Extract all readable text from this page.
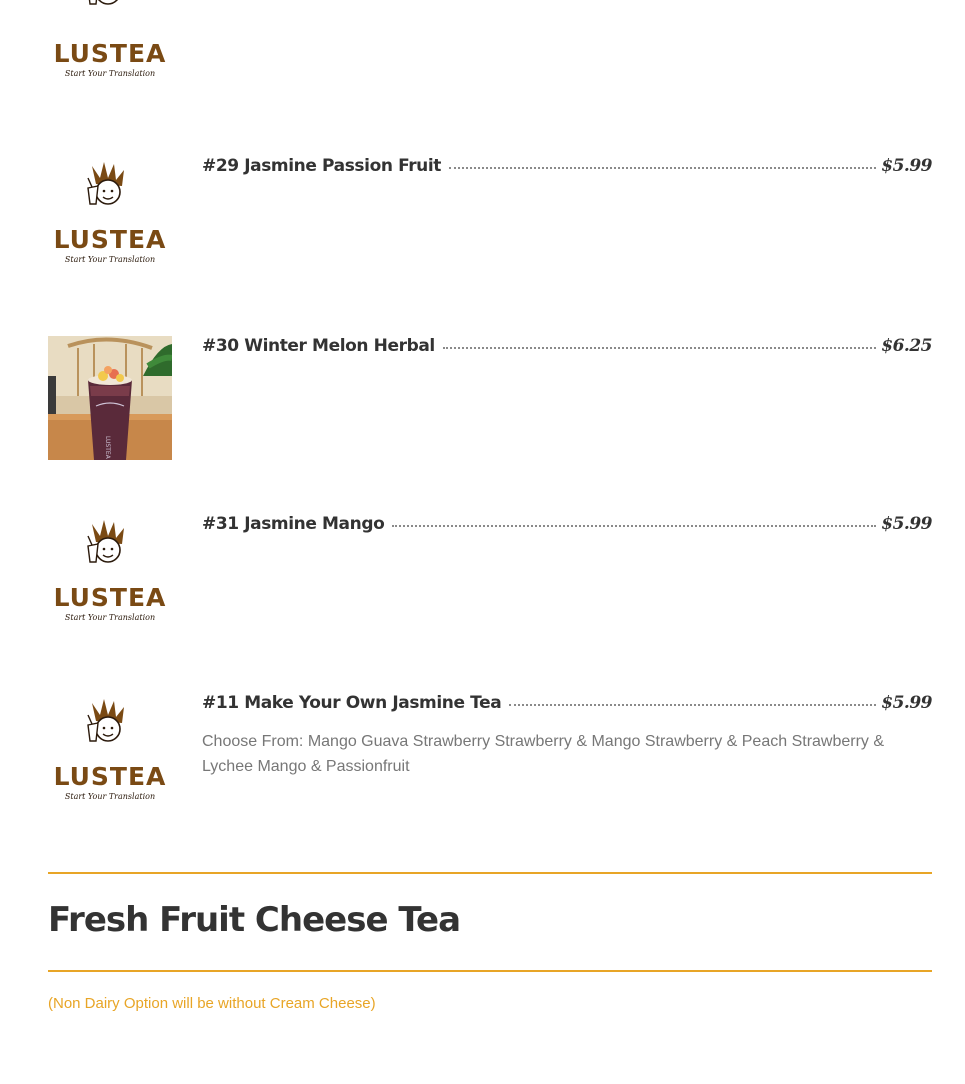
LUSTEA
Start Your Translation
LUSTEA
Start Your Translation
#29 Jasmine Passion Fruit	$5.99
LUSTEA
#30 Winter Melon Herbal	$6.25
LUSTEA
Start Your Translation
#31 Jasmine Mango	$5.99
LUSTEA
Start Your Translation
#11 Make Your Own Jasmine Tea	$5.99
Choose From: Mango Guava Strawberry Strawberry & Mango Strawberry & Peach Strawberry & Lychee Mango & Passionfruit
Fresh Fruit Cheese Tea
(Non Dairy Option will be without Cream Cheese)
